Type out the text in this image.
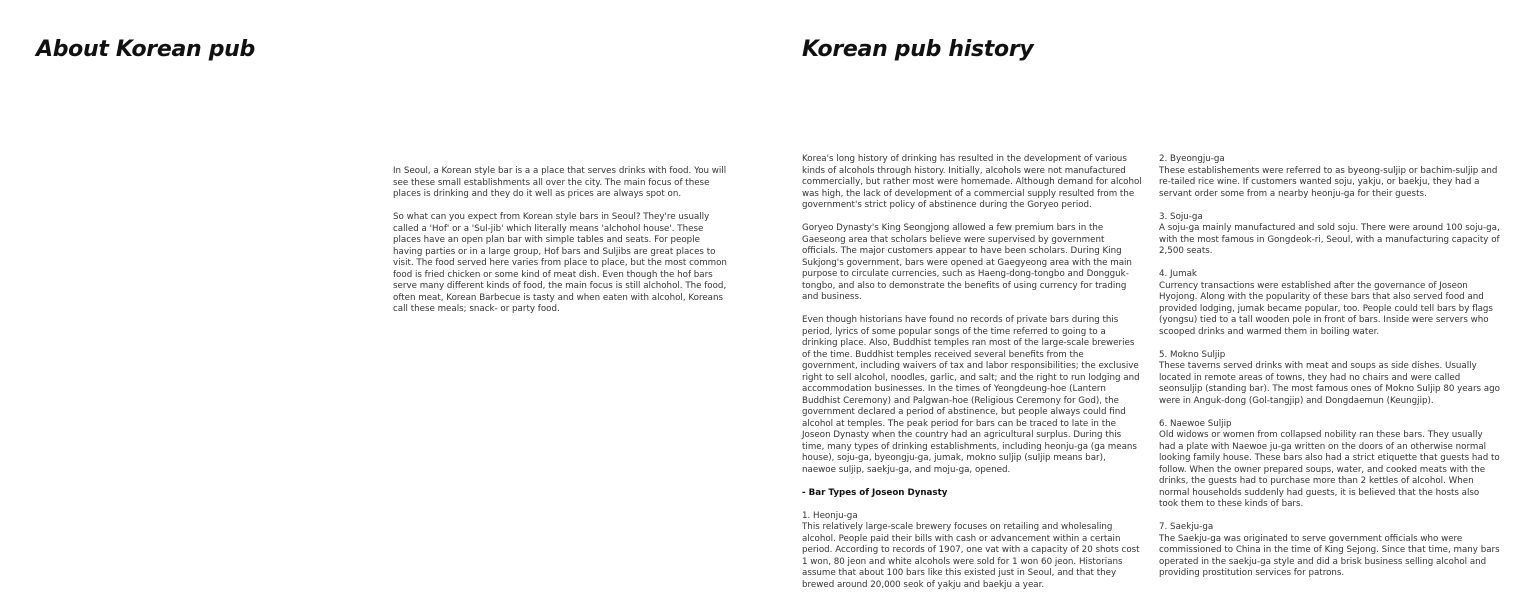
About Korean pub	Korean pub history

In Seoul, a Korean style bar is a a place that serves drinks with food. You will see these small establishments all over the city. The main focus of these places is drinking and they do it well as prices are always spot on.

So what can you expect from Korean style bars in Seoul? They're usually called a 'Hof' or a 'Sul-jib' which literally means 'alchohol house'. These places have an open plan bar with simple tables and seats. For people having parties or in a large group, Hof bars and Suljibs are great places to visit. The food served here varies from place to place, but the most common food is fried chicken or some kind of meat dish. Even though the hof bars serve many different kinds of food, the main focus is still alchohol. The food, often meat, Korean Barbecue is tasty and when eaten with alcohol, Koreans call these meals; snack- or party food.

Korea's long history of drinking has resulted in the development of various kinds of alcohols through history. Initially, alcohols were not manufactured commercially, but rather most were homemade. Although demand for alcohol was high, the lack of development of a commercial supply resulted from the government's strict policy of abstinence during the Goryeo period.

Goryeo Dynasty's King Seongjong allowed a few premium bars in the Gaeseong area that scholars believe were supervised by government officials. The major customers appear to have been scholars. During King Sukjong's government, bars were opened at Gaegyeong area with the main purpose to circulate currencies, such as Haeng-dong-tongbo and Dongguk-tongbo, and also to demonstrate the benefits of using currency for trading and business.

Even though historians have found no records of private bars during this period, lyrics of some popular songs of the time referred to going to a drinking place. Also, Buddhist temples ran most of the large-scale breweries of the time. Buddhist temples received several benefits from the government, including waivers of tax and labor responsibilities; the exclusive right to sell alcohol, noodles, garlic, and salt; and the right to run lodging and accommodation businesses. In the times of Yeongdeung-hoe (Lantern Buddhist Ceremony) and Palgwan-hoe (Religious Ceremony for God), the government declared a period of abstinence, but people always could find alcohol at temples. The peak period for bars can be traced to late in the Joseon Dynasty when the country had an agricultural surplus. During this time, many types of drinking establishments, including heonju-ga (ga means house), soju-ga, byeongju-ga, jumak, mokno suljip (suljip means bar), naewoe suljip, saekju-ga, and moju-ga, opened.

- Bar Types of Joseon Dynasty

1. Heonju-ga
This relatively large-scale brewery focuses on retailing and wholesaling alcohol. People paid their bills with cash or advancement within a certain period. According to records of 1907, one vat with a capacity of 20 shots cost 1 won, 80 jeon and white alcohols were sold for 1 won 60 jeon. Historians assume that about 100 bars like this existed just in Seoul, and that they brewed around 20,000 seok of yakju and baekju a year.

2. Byeongju-ga
These establishements were referred to as byeong-suljip or bachim-suljip and re-tailed rice wine. If customers wanted soju, yakju, or baekju, they had a servant order some from a nearby heonju-ga for their guests.

3. Soju-ga
A soju-ga mainly manufactured and sold soju. There were around 100 soju-ga, with the most famous in Gongdeok-ri, Seoul, with a manufacturing capacity of 2,500 seats.

4. Jumak
Currency transactions were established after the governance of Joseon Hyojong. Along with the popularity of these bars that also served food and provided lodging, jumak became popular, too. People could tell bars by flags (yongsu) tied to a tall wooden pole in front of bars. Inside were servers who scooped drinks and warmed them in boiling water.

5. Mokno Suljip
These taverns served drinks with meat and soups as side dishes. Usually located in remote areas of towns, they had no chairs and were called seonsuljip (standing bar). The most famous ones of Mokno Suljip 80 years ago were in Anguk-dong (Gol-tangjip) and Dongdaemun (Keungjip).

6. Naewoe Suljip
Old widows or women from collapsed nobility ran these bars. They usually had a plate with Naewoe ju-ga written on the doors of an otherwise normal looking family house. These bars also had a strict etiquette that guests had to follow. When the owner prepared soups, water, and cooked meats with the drinks, the guests had to purchase more than 2 kettles of alcohol. When normal households suddenly had guests, it is believed that the hosts also took them to these kinds of bars.

7. Saekju-ga
The Saekju-ga was originated to serve government officials who were commissioned to China in the time of King Sejong. Since that time, many bars operated in the saekju-ga style and did a brisk business selling alcohol and providing prostitution services for patrons.
